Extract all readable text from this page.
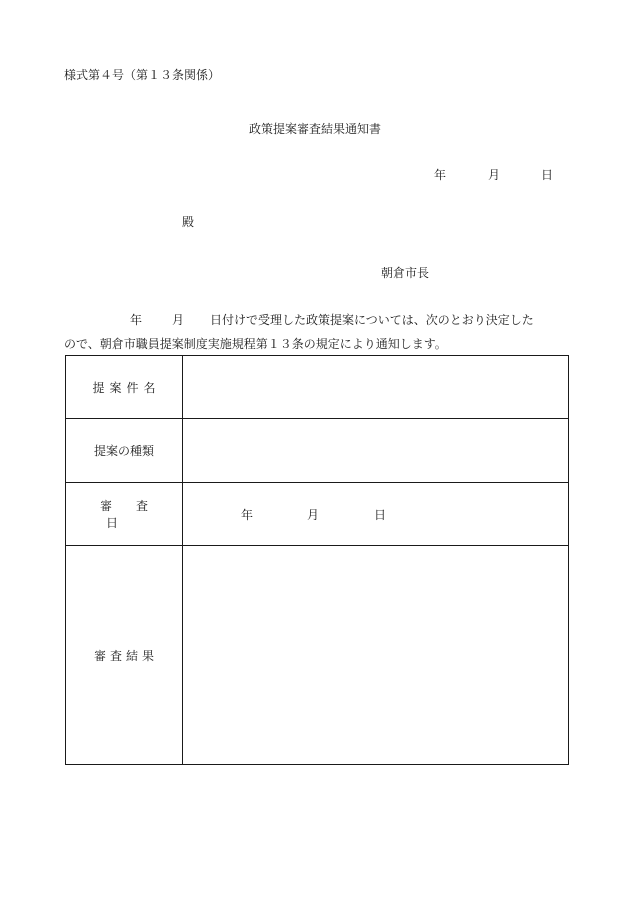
様式第４号（第１３条関係）
政策提案審査結果通知書
年	月	日
殿
朝倉市長
年 月 日付けで受理した政策提案については、次のとおり決定した
ので、朝倉市職員提案制度実施規程第１３条の規定により通知します。
提案件名	
提案の種類	
審査日	年 月 日

審査結果	
